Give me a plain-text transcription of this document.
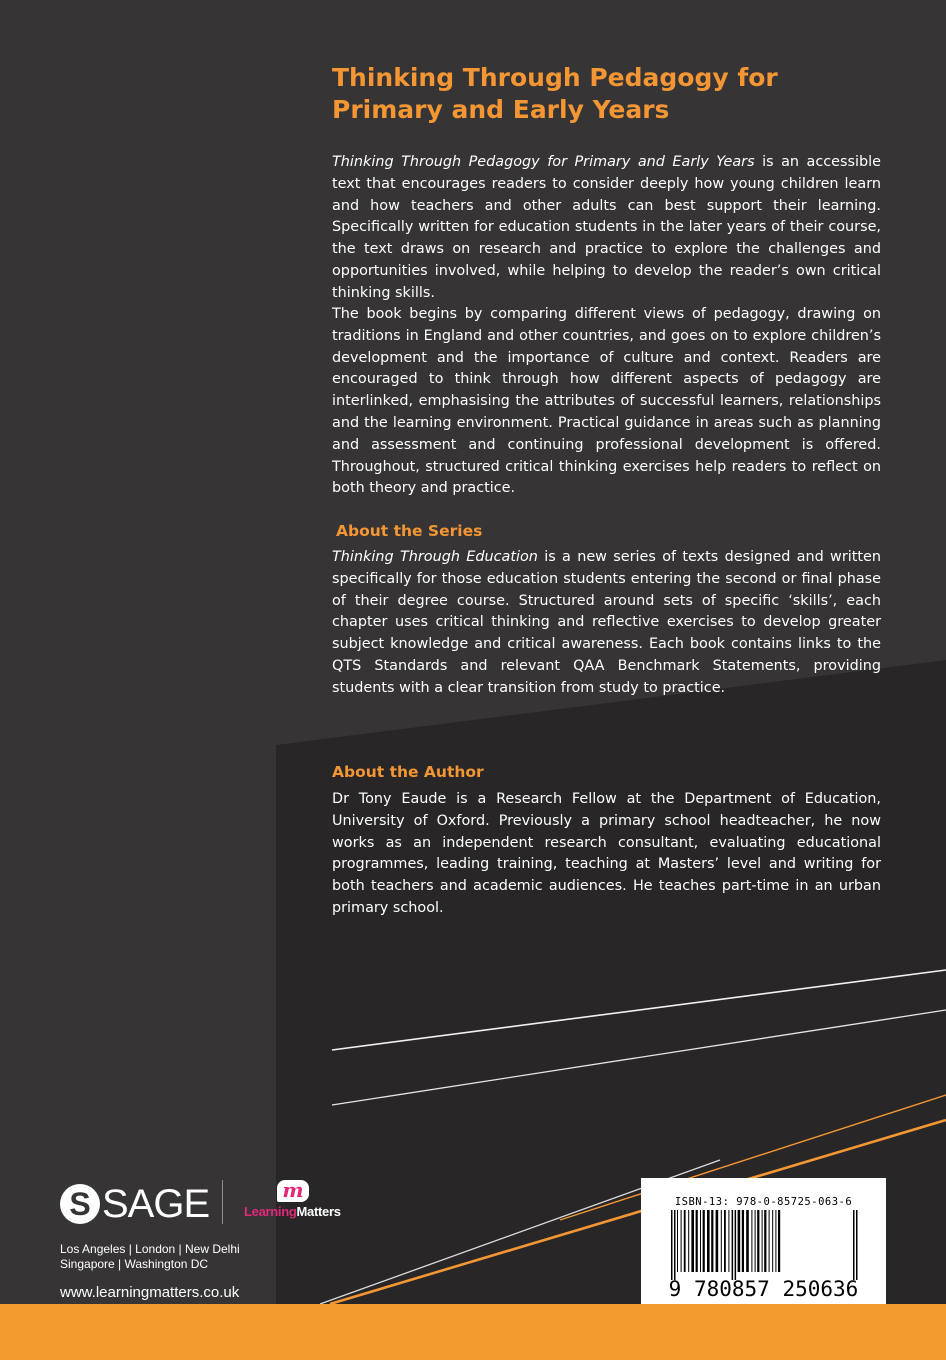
Thinking Through Pedagogy for
Primary and Early Years

Thinking Through Pedagogy for Primary and Early Years is an accessible text that encourages readers to consider deeply how young children learn and how teachers and other adults can best support their learning. Specifically written for education students in the later years of their course, the text draws on research and practice to explore the challenges and opportunities involved, while helping to develop the reader’s own critical thinking skills.

The book begins by comparing different views of pedagogy, drawing on traditions in England and other countries, and goes on to explore children’s development and the importance of culture and context. Readers are encouraged to think through how different aspects of pedagogy are interlinked, emphasising the attributes of successful learners, relationships and the learning environment. Practical guidance in areas such as planning and assessment and continuing professional development is offered. Throughout, structured critical thinking exercises help readers to reflect on both theory and practice.

About the Series

Thinking Through Education is a new series of texts designed and written specifically for those education students entering the second or final phase of their degree course. Structured around sets of specific ‘skills’, each chapter uses critical thinking and reflective exercises to develop greater subject knowledge and critical awareness. Each book contains links to the QTS Standards and relevant QAA Benchmark Statements, providing students with a clear transition from study to practice.

About the Author

Dr Tony Eaude is a Research Fellow at the Department of Education, University of Oxford. Previously a primary school headteacher, he now works as an independent research consultant, evaluating educational programmes, leading training, teaching at Masters’ level and writing for both teachers and academic audiences. He teaches part-time in an urban primary school.

S SAGE	m
LearningMatters
Los Angeles | London | New Delhi
Singapore | Washington DC
www.learningmatters.co.uk
ISBN-13: 978-0-85725-063-6
9 780857 250636
